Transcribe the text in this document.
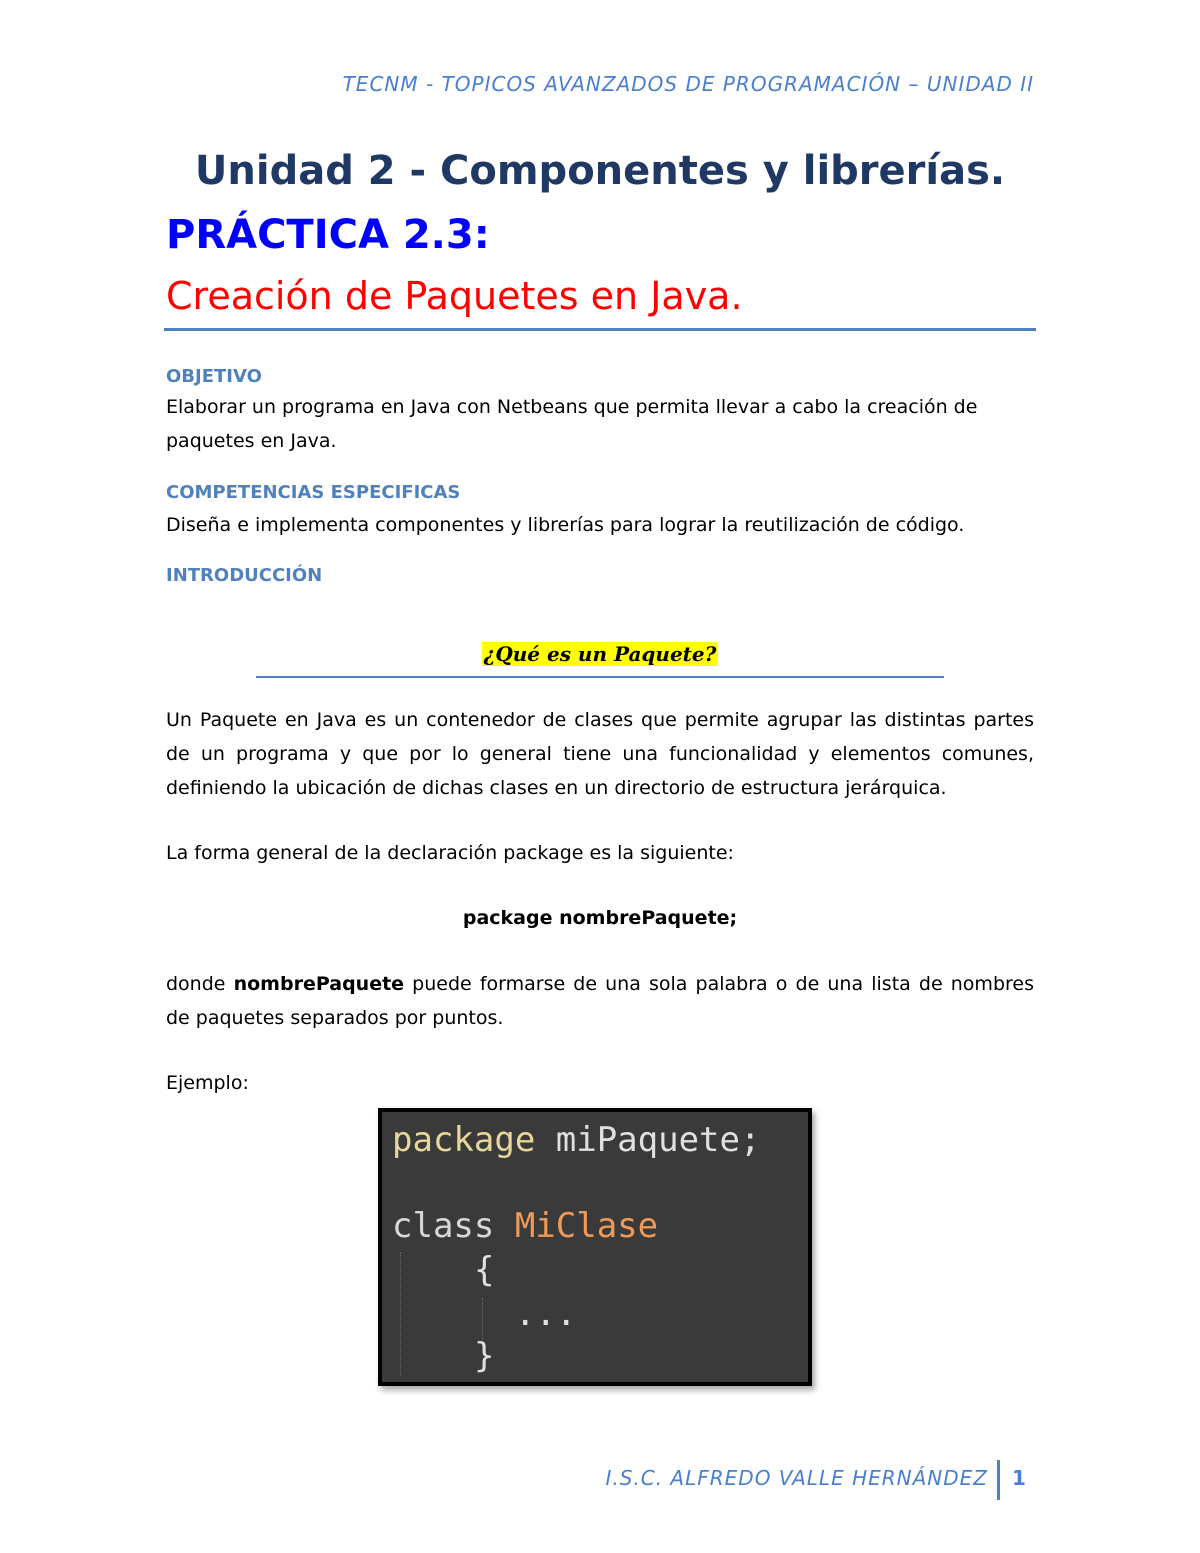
TECNM - TOPICOS AVANZADOS DE PROGRAMACIÓN – UNIDAD II
Unidad 2 - Componentes y librerías.
PRÁCTICA 2.3:
Creación de Paquetes en Java.
OBJETIVO
Elaborar un programa en Java con Netbeans que permita llevar a cabo la creación de paquetes en Java.
COMPETENCIAS ESPECIFICAS
Diseña e implementa componentes y librerías para lograr la reutilización de código.
INTRODUCCIÓN
¿Qué es un Paquete?
Un Paquete en Java es un contenedor de clases que permite agrupar las distintas partes de un programa y que por lo general tiene una funcionalidad y elementos comunes, definiendo la ubicación de dichas clases en un directorio de estructura jerárquica.
La forma general de la declaración package es la siguiente:
package nombrePaquete;
donde nombrePaquete puede formarse de una sola palabra o de una lista de nombres de paquetes separados por puntos.
Ejemplo:
package miPaquete;
class MiClase
{
...
}
I.S.C. ALFREDO VALLE HERNÁNDEZ 1
